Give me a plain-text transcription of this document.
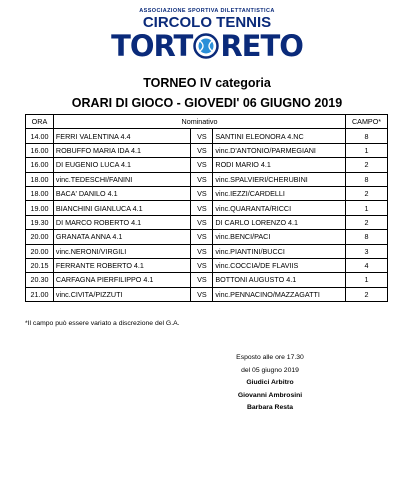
ASSOCIAZIONE SPORTIVA DILETTANTISTICA
CIRCOLO TENNIS
TORT RETO
TORNEO IV categoria
ORARI DI GIOCO - GIOVEDI' 06 GIUGNO 2019
ORA	Nominativo			CAMPO*
14.00	FERRI VALENTINA 4.4	VS	SANTINI ELEONORA 4.NC	8
16.00	ROBUFFO MARIA IDA 4.1	VS	vinc.D'ANTONIO/PARMEGIANI	1
16.00	DI EUGENIO LUCA 4.1	VS	RODI MARIO 4.1	2
18.00	vinc.TEDESCHI/FANINI	VS	vinc.SPALVIERI/CHERUBINI	8
18.00	BACA' DANILO 4.1	VS	vinc.IEZZI/CARDELLI	2
19.00	BIANCHINI GIANLUCA 4.1	VS	vinc.QUARANTA/RICCI	1
19.30	DI MARCO ROBERTO 4.1	VS	DI CARLO LORENZO 4.1	2
20.00	GRANATA ANNA 4.1	VS	vinc.BENCI/PACI	8
20.00	vinc.NERONI/VIRGILI	VS	vinc.PIANTINI/BUCCI	3
20.15	FERRANTE ROBERTO 4.1	VS	vinc.COCCIA/DE FLAVIIS	4
20.30	CARFAGNA PIERFILIPPO 4.1	VS	BOTTONI AUGUSTO 4.1	1
21.00	vinc.CIVITA/PIZZUTI	VS	vinc.PENNACINO/MAZZAGATTI	2
*Il campo può essere variato a discrezione del G.A.
Esposto alle ore 17.30
del 05 giugno 2019
Giudici Arbitro
Giovanni Ambrosini
Barbara Resta
